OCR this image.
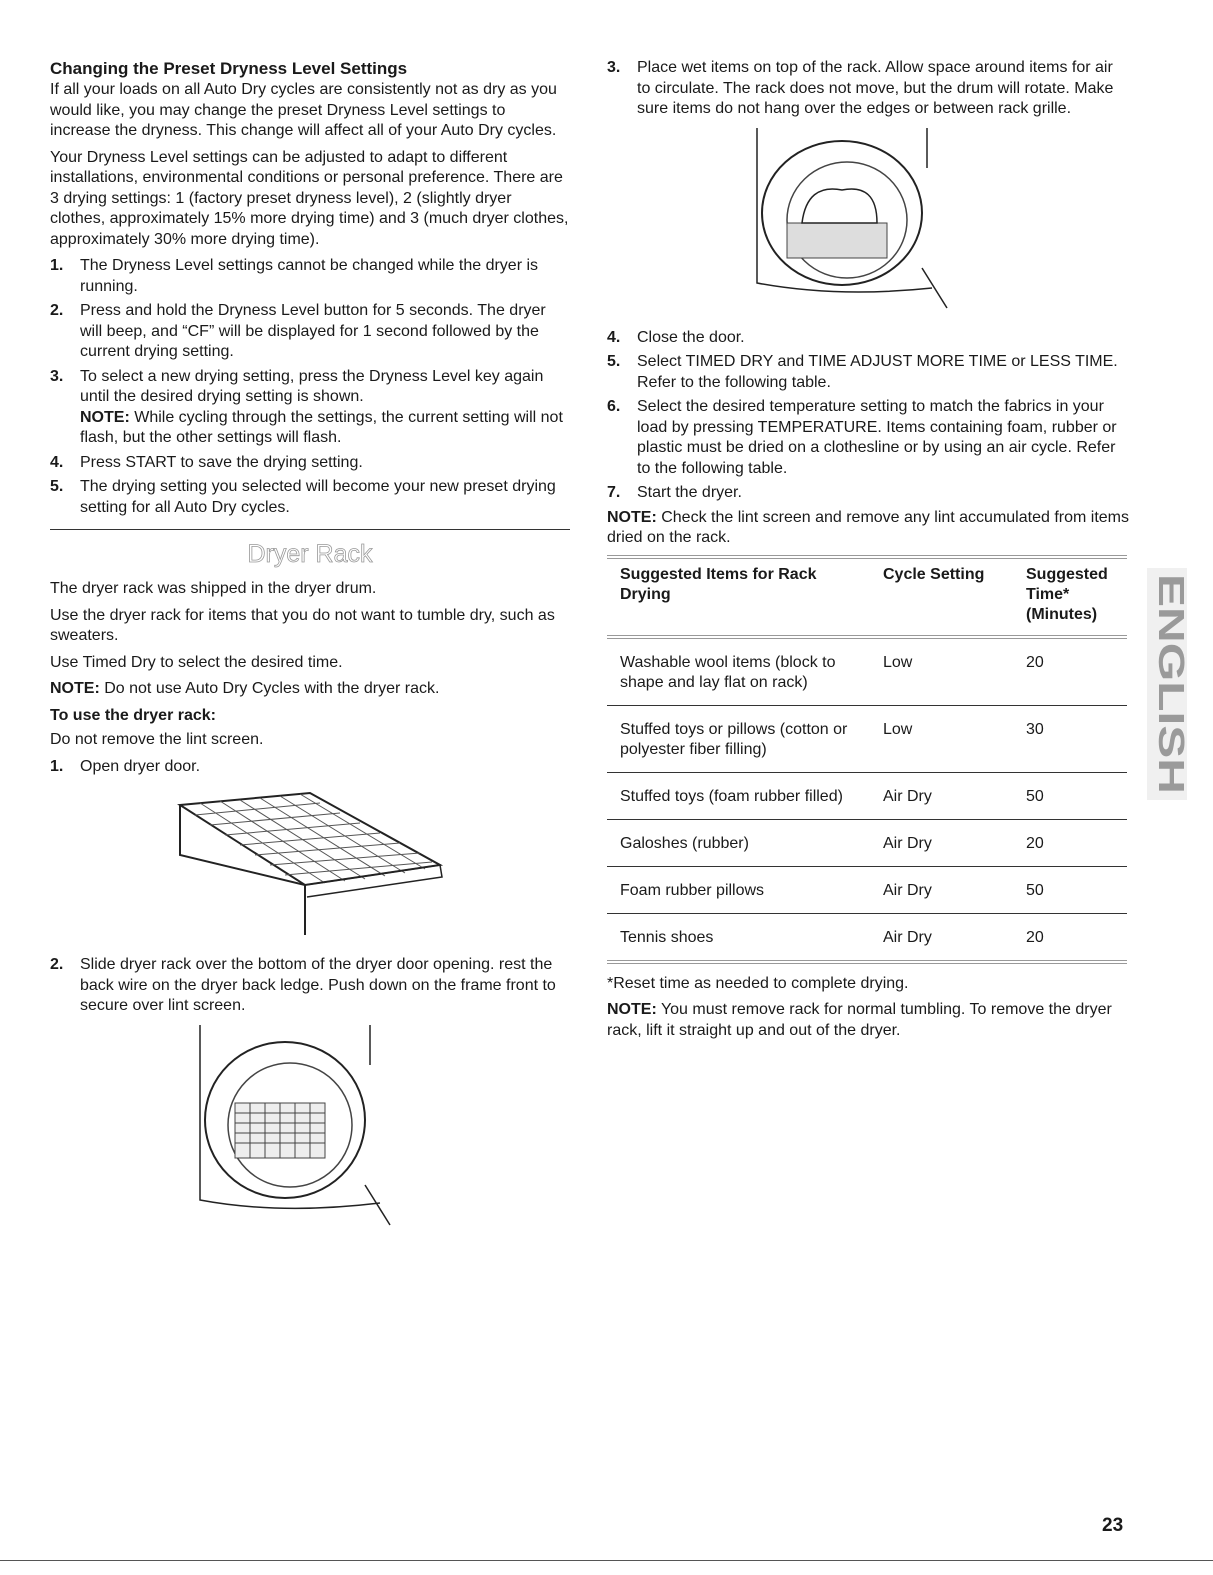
Changing the Preset Dryness Level Settings

If all your loads on all Auto Dry cycles are consistently not as dry as you would like, you may change the preset Dryness Level settings to increase the dryness. This change will affect all of your Auto Dry cycles.

Your Dryness Level settings can be adjusted to adapt to different installations, environmental conditions or personal preference. There are 3 drying settings: 1 (factory preset dryness level), 2 (slightly dryer clothes, approximately 15% more drying time) and 3 (much dryer clothes, approximately 30% more drying time).

1. The Dryness Level settings cannot be changed while the dryer is running.
2. Press and hold the Dryness Level button for 5 seconds. The dryer will beep, and “CF” will be displayed for 1 second followed by the current drying setting.
3. To select a new drying setting, press the Dryness Level key again until the desired drying setting is shown.
NOTE: While cycling through the settings, the current setting will not flash, but the other settings will flash.
4. Press START to save the drying setting.
5. The drying setting you selected will become your new preset drying setting for all Auto Dry cycles.
Dryer Rack

The dryer rack was shipped in the dryer drum.

Use the dryer rack for items that you do not want to tumble dry, such as sweaters.

Use Timed Dry to select the desired time.

NOTE: Do not use Auto Dry Cycles with the dryer rack.

To use the dryer rack:

Do not remove the lint screen.

1. Open dryer door.
2. Slide dryer rack over the bottom of the dryer door opening. rest the back wire on the dryer back ledge. Push down on the frame front to secure over lint screen.
3. Place wet items on top of the rack. Allow space around items for air to circulate. The rack does not move, but the drum will rotate. Make sure items do not hang over the edges or between rack grille.
4. Close the door.
5. Select TIMED DRY and TIME ADJUST MORE TIME or LESS TIME. Refer to the following table.
6. Select the desired temperature setting to match the fabrics in your load by pressing TEMPERATURE. Items containing foam, rubber or plastic must be dried on a clothesline or by using an air cycle. Refer to the following table.
7. Start the dryer.

NOTE: Check the lint screen and remove any lint accumulated from items dried on the rack.

Suggested Items for Rack Drying	Cycle Setting	Suggested Time* (Minutes)
Washable wool items (block to shape and lay flat on rack)	Low	20
Stuffed toys or pillows (cotton or polyester fiber filling)	Low	30
Stuffed toys (foam rubber filled)	Air Dry	50
Galoshes (rubber)	Air Dry	20
Foam rubber pillows	Air Dry	50
Tennis shoes	Air Dry	20

*Reset time as needed to complete drying.

NOTE: You must remove rack for normal tumbling. To remove the dryer rack, lift it straight up and out of the dryer.

ENGLISH
23
